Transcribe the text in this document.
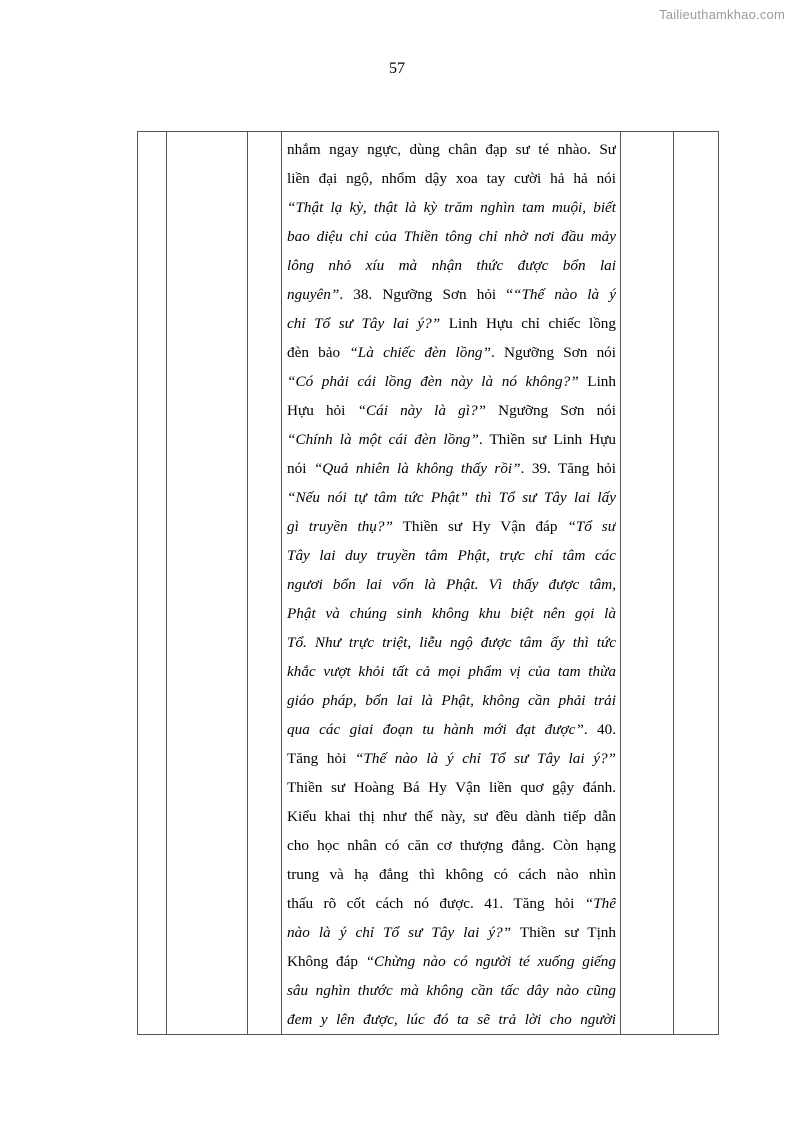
Tailieuthamkhao.com
57

nhắm ngay ngực, dùng chân đạp sư té nhào. Sư
liền đại ngộ, nhổm dậy xoa tay cười hả hả nói
“Thật lạ kỳ, thật là kỳ trăm nghìn tam muội, biết
bao diệu chỉ của Thiền tông chỉ nhờ nơi đầu mảy
lông nhỏ xíu mà nhận thức được bổn lai
nguyên”. 38. Ngưỡng Sơn hỏi ““Thế nào là ý
chỉ Tổ sư Tây lai ý?” Linh Hựu chỉ chiếc lồng
đèn bảo “Là chiếc đèn lồng”. Ngưỡng Sơn nói
“Có phải cái lồng đèn này là nó không?” Linh
Hựu hỏi “Cái này là gì?” Ngưỡng Sơn nói
“Chính là một cái đèn lồng”. Thiền sư Linh Hựu
nói “Quả nhiên là không thấy rồi”. 39. Tăng hỏi
“Nếu nói tự tâm tức Phật” thì Tổ sư Tây lai lấy
gì truyền thụ?” Thiền sư Hy Vận đáp “Tổ sư
Tây lai duy truyền tâm Phật, trực chỉ tâm các
ngươi bổn lai vốn là Phật. Vì thấy được tâm,
Phật và chúng sinh không khu biệt nên gọi là
Tổ. Như trực triệt, liễu ngộ được tâm ấy thì tức
khắc vượt khỏi tất cả mọi phẩm vị của tam thừa
giáo pháp, bổn lai là Phật, không cần phải trải
qua các giai đoạn tu hành mới đạt được”. 40.
Tăng hỏi “Thế nào là ý chỉ Tổ sư Tây lai ý?”
Thiền sư Hoàng Bá Hy Vận liền quơ gậy đánh.
Kiểu khai thị như thế này, sư đều dành tiếp dẫn
cho học nhân có căn cơ thượng đẳng. Còn hạng
trung và hạ đẳng thì không có cách nào nhìn
thấu rõ cốt cách nó được. 41. Tăng hỏi “Thế
nào là ý chỉ Tổ sư Tây lai ý?” Thiền sư Tịnh
Không đáp “Chừng nào có người té xuống giếng
sâu nghìn thước mà không cần tấc dây nào cũng
đem y lên được, lúc đó ta sẽ trả lời cho người
